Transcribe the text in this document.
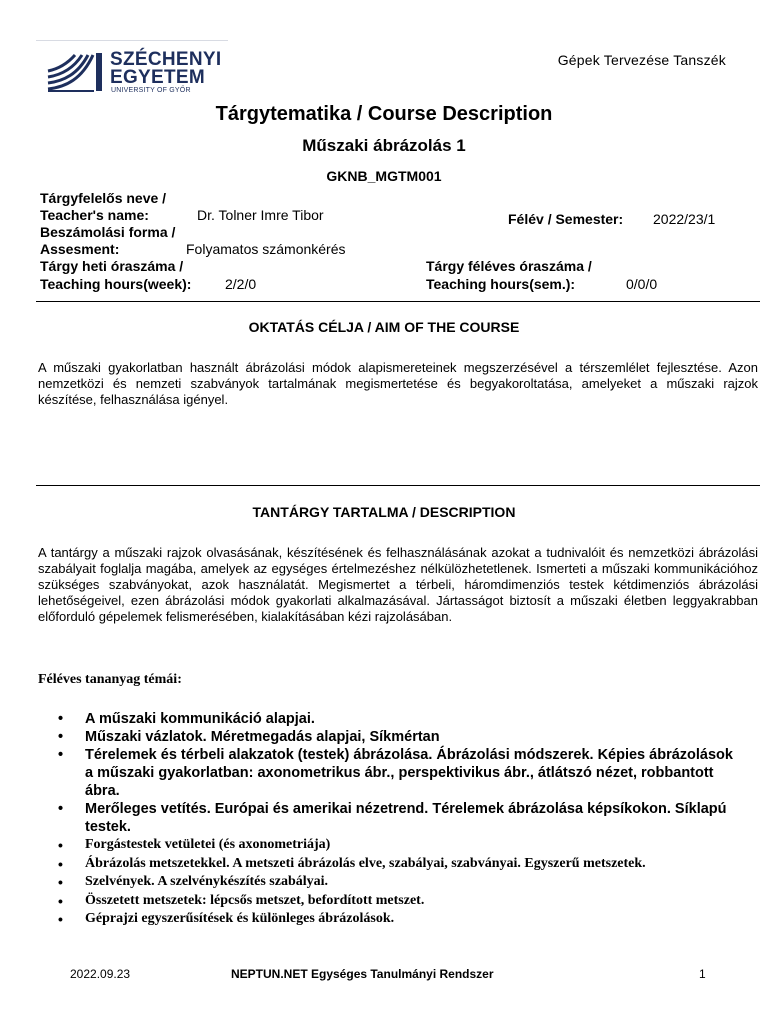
SZÉCHENYI
EGYETEM
UNIVERSITY OF GYŐR
Gépek Tervezése Tanszék
Tárgytematika / Course Description
Műszaki ábrázolás 1
GKNB_MGTM001
Tárgyfelelős neve /
Teacher's name:	Dr. Tolner Imre Tibor	Félév / Semester: 2022/23/1
Beszámolási forma /
Assesment:	Folyamatos számonkérés
Tárgy heti óraszáma /
Teaching hours(week): 2/2/0
Tárgy féléves óraszáma /
Teaching hours(sem.):	0/0/0
OKTATÁS CÉLJA / AIM OF THE COURSE
A műszaki gyakorlatban használt ábrázolási módok alapismereteinek megszerzésével a térszemlélet fejlesztése. Azon nemzetközi és nemzeti szabványok tartalmának megismertetése és begyakoroltatása, amelyeket a műszaki rajzok készítése, felhasználása igényel.
TANTÁRGY TARTALMA / DESCRIPTION
A tantárgy a műszaki rajzok olvasásának, készítésének és felhasználásának azokat a tudnivalóit és nemzetközi ábrázolási szabályait foglalja magába, amelyek az egységes értelmezéshez nélkülözhetetlenek. Ismerteti a műszaki kommunikációhoz szükséges szabványokat, azok használatát. Megismertet a térbeli, háromdimenziós testek kétdimenziós ábrázolási lehetőségeivel, ezen ábrázolási módok gyakorlati alkalmazásával. Jártasságot biztosít a műszaki életben leggyakrabban előforduló gépelemek felismerésében, kialakításában kézi rajzolásában.
Féléves tananyag témái:
• A műszaki kommunikáció alapjai.
• Műszaki vázlatok. Méretmegadás alapjai, Síkmértan
• Térelemek és térbeli alakzatok (testek) ábrázolása. Ábrázolási módszerek. Képies ábrázolások a műszaki gyakorlatban: axonometrikus ábr., perspektivikus ábr., átlátszó nézet, robbantott ábra.
• Merőleges vetítés. Európai és amerikai nézetrend. Térelemek ábrázolása képsíkokon. Síklapú testek.
• Forgástestek vetületei (és axonometriája)
• Ábrázolás metszetekkel. A metszeti ábrázolás elve, szabályai, szabványai. Egyszerű metszetek.
• Szelvények. A szelvénykészítés szabályai.
• Összetett metszetek: lépcsős metszet, befordított metszet.
• Géprajzi egyszerűsítések és különleges ábrázolások.
2022.09.23	NEPTUN.NET Egységes Tanulmányi Rendszer	1
